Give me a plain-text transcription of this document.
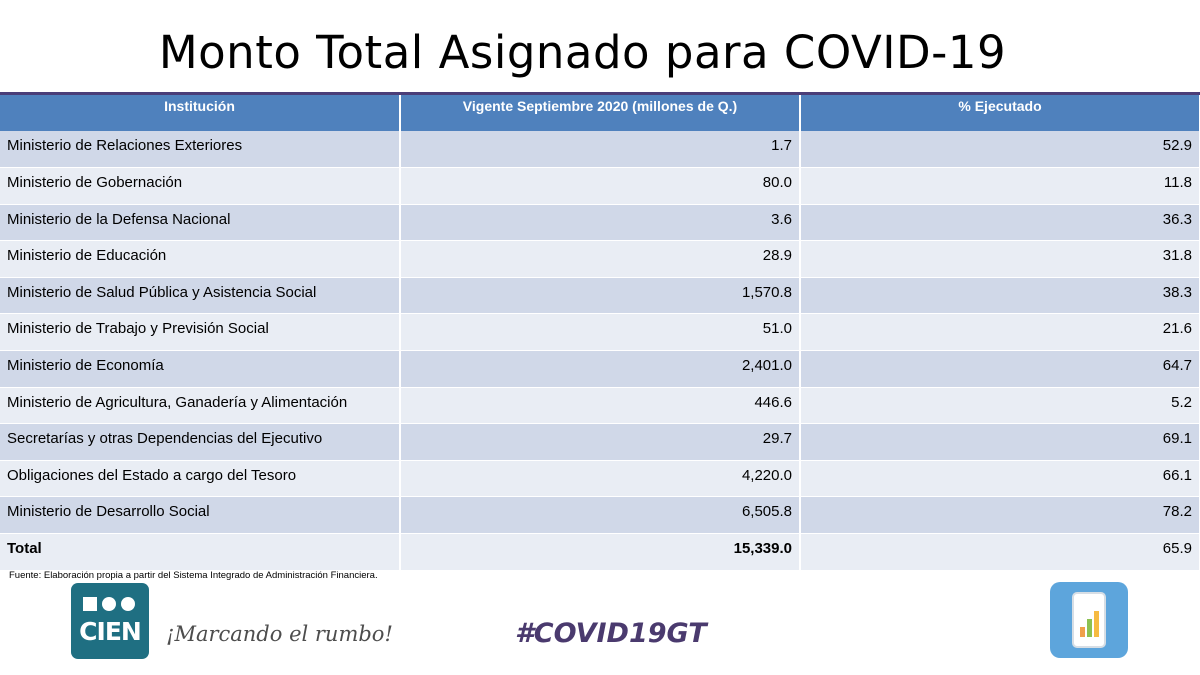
Monto Total Asignado para COVID-19
Institución	Vigente Septiembre 2020 (millones de Q.)	% Ejecutado
Ministerio de Relaciones Exteriores	1.7	52.9
Ministerio de Gobernación	80.0	11.8
Ministerio de la Defensa Nacional	3.6	36.3
Ministerio de Educación	28.9	31.8
Ministerio de Salud Pública y Asistencia Social	1,570.8	38.3
Ministerio de Trabajo y Previsión Social	51.0	21.6
Ministerio de Economía	2,401.0	64.7
Ministerio de Agricultura, Ganadería y Alimentación	446.6	5.2
Secretarías y otras Dependencias del Ejecutivo	29.7	69.1
Obligaciones del Estado a cargo del Tesoro	4,220.0	66.1
Ministerio de Desarrollo Social	6,505.8	78.2
Total	15,339.0	65.9
Fuente: Elaboración propia a partir del Sistema Integrado de Administración Financiera.
CIEN	¡Marcando el rumbo!	#COVID19GT
